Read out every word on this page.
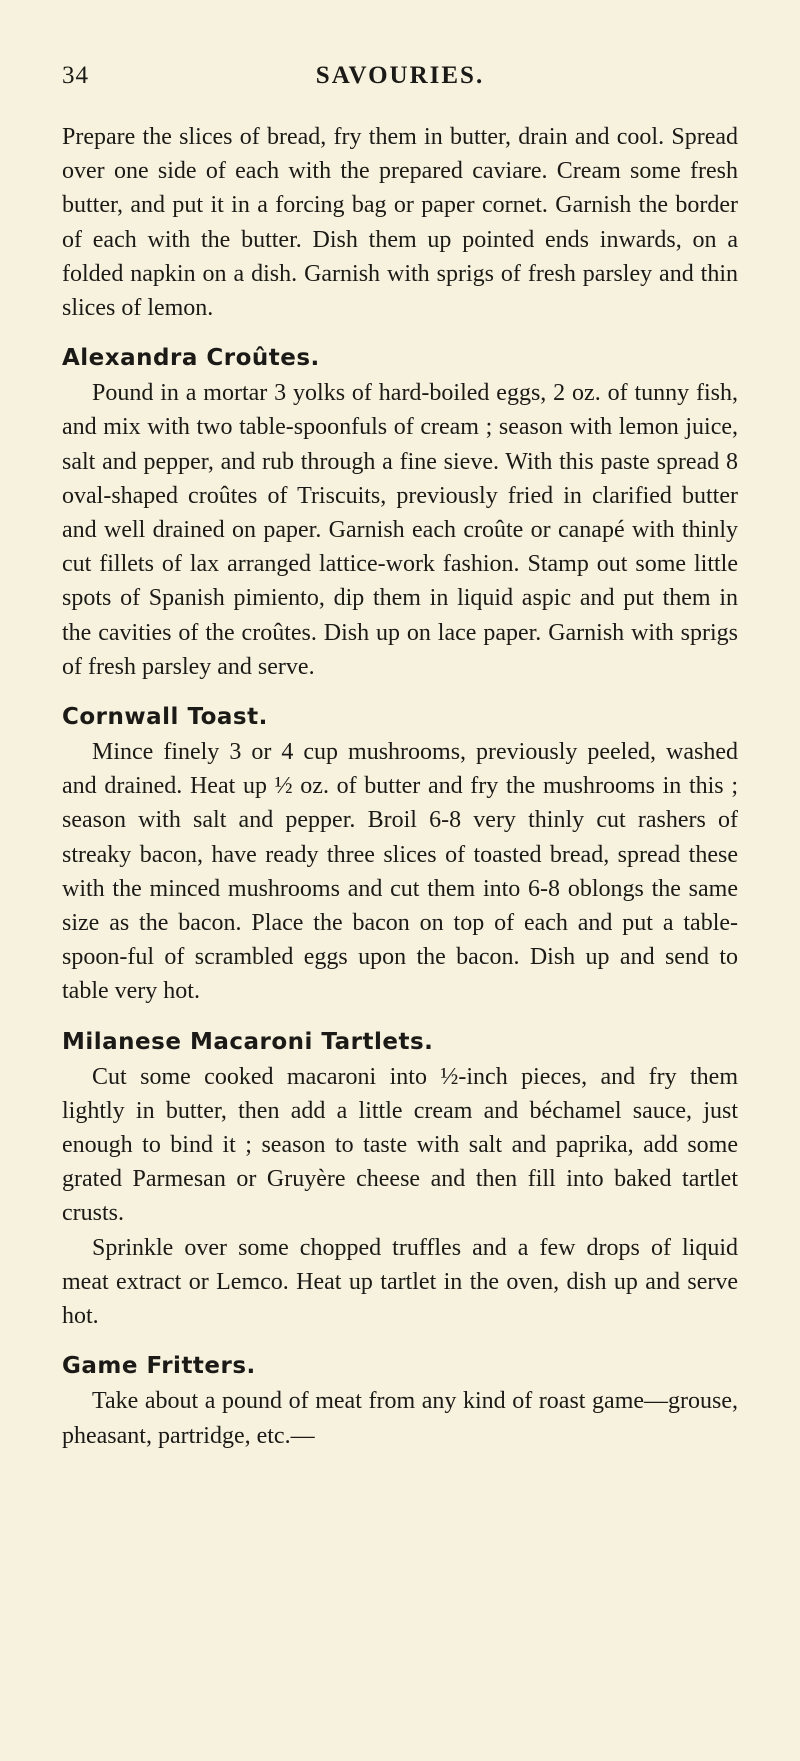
34	SAVOURIES.

Prepare the slices of bread, fry them in butter, drain and cool. Spread over one side of each with the prepared caviare. Cream some fresh butter, and put it in a forcing bag or paper cornet. Garnish the border of each with the butter. Dish them up pointed ends inwards, on a folded napkin on a dish. Garnish with sprigs of fresh parsley and thin slices of lemon.

Alexandra Croûtes.

Pound in a mortar 3 yolks of hard-boiled eggs, 2 oz. of tunny fish, and mix with two table-spoonfuls of cream ; season with lemon juice, salt and pepper, and rub through a fine sieve. With this paste spread 8 oval-shaped croûtes of Triscuits, previously fried in clarified butter and well drained on paper. Garnish each croûte or canapé with thinly cut fillets of lax arranged lattice-work fashion. Stamp out some little spots of Spanish pimiento, dip them in liquid aspic and put them in the cavities of the croûtes. Dish up on lace paper. Garnish with sprigs of fresh parsley and serve.

Cornwall Toast.

Mince finely 3 or 4 cup mushrooms, previously peeled, washed and drained. Heat up ½ oz. of butter and fry the mushrooms in this ; season with salt and pepper. Broil 6-8 very thinly cut rashers of streaky bacon, have ready three slices of toasted bread, spread these with the minced mushrooms and cut them into 6-8 oblongs the same size as the bacon. Place the bacon on top of each and put a table-spoon-ful of scrambled eggs upon the bacon. Dish up and send to table very hot.

Milanese Macaroni Tartlets.

Cut some cooked macaroni into ½-inch pieces, and fry them lightly in butter, then add a little cream and béchamel sauce, just enough to bind it ; season to taste with salt and paprika, add some grated Parmesan or Gruyère cheese and then fill into baked tartlet crusts.

Sprinkle over some chopped truffles and a few drops of liquid meat extract or Lemco. Heat up tartlet in the oven, dish up and serve hot.

Game Fritters.

Take about a pound of meat from any kind of roast game—grouse, pheasant, partridge, etc.—
